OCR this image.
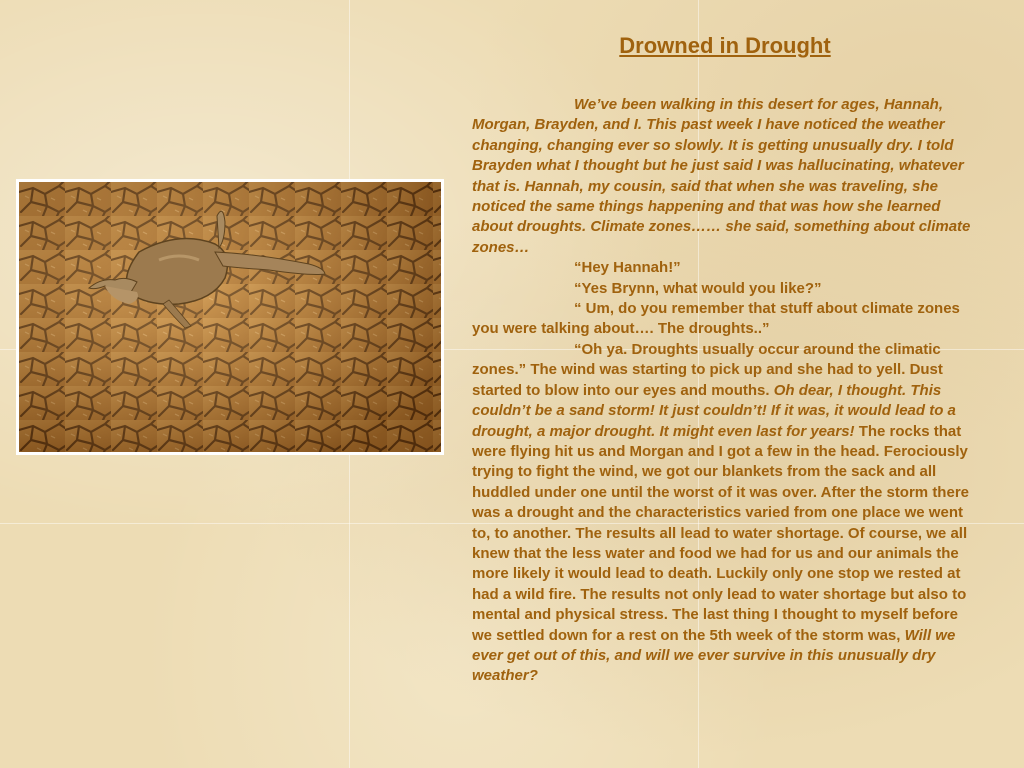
Drowned in Drought

We’ve been walking in this desert for ages, Hannah, Morgan, Brayden, and I. This past week I have noticed the weather changing, changing ever so slowly. It is getting unusually dry. I told Brayden what I thought but he just said I was hallucinating, whatever that is. Hannah, my cousin, said that when she was traveling, she noticed the same things happening and that was how she learned about droughts. Climate zones…… she said, something about climate zones…

“Hey Hannah!”

“Yes Brynn, what would you like?”

“ Um, do you remember that stuff about climate zones you were talking about…. The droughts..”

“Oh ya. Droughts usually occur around the climatic zones.” The wind was starting to pick up and she had to yell. Dust started to blow into our eyes and mouths. Oh dear, I thought. This couldn’t be a sand storm! It just couldn’t! If it was, it would lead to a drought, a major drought. It might even last for years! The rocks that were flying hit us and Morgan and I got a few in the head. Ferociously trying to fight the wind, we got our blankets from the sack and all huddled under one until the worst of it was over. After the storm there was a drought and the characteristics varied from one place we went to, to another. The results all lead to water shortage. Of course, we all knew that the less water and food we had for us and our animals the more likely it would lead to death. Luckily only one stop we rested at had a wild fire. The results not only lead to water shortage but also to mental and physical stress. The last thing I thought to myself before we settled down for a rest on the 5th week of the storm was, Will we ever get out of this, and will we ever survive in this unusually dry weather?
